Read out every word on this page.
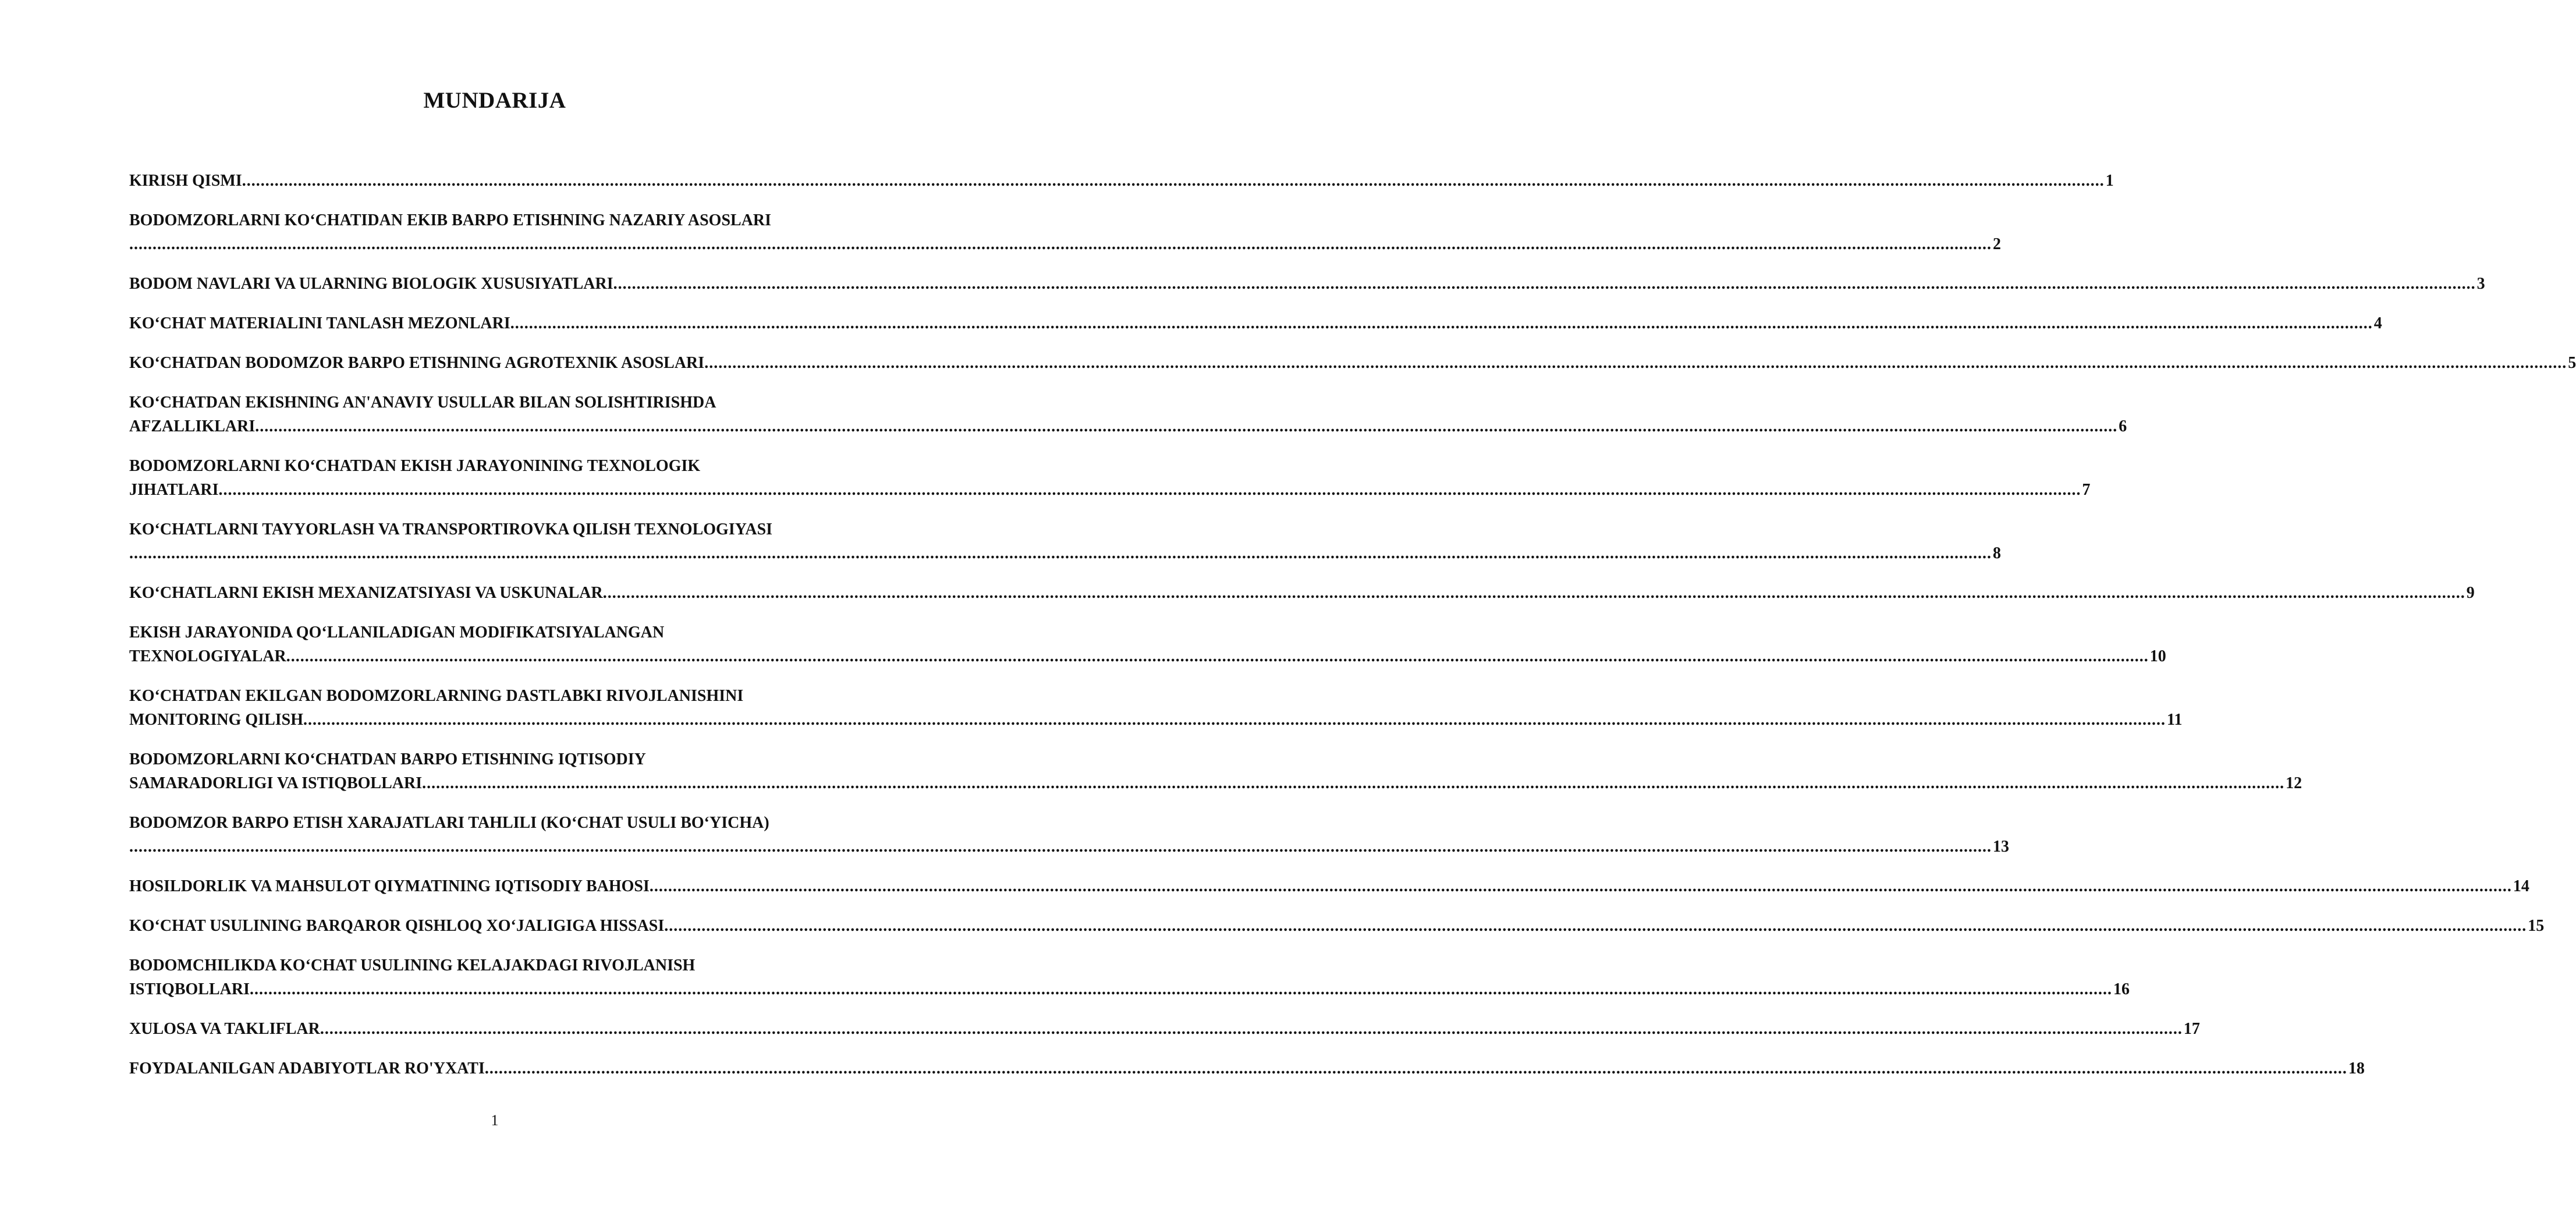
MUNDARIJA
KIRISH QISMI ................................................................................................................................................................................................................................................................................................................................................................................................................ 1
BODOMZORLARNI KO‘CHATIDAN EKIB BARPO ETISHNING NAZARIY ASOSLARI
................................................................................................................................................................................................................................................................................................................................................................................................................ 2
BODOM NAVLARI VA ULARNING BIOLOGIK XUSUSIYATLARI ................................................................................................................................................................................................................................................................................................................................................................................................................ 3
KO‘CHAT MATERIALINI TANLASH MEZONLARI ................................................................................................................................................................................................................................................................................................................................................................................................................ 4
KO‘CHATDAN BODOMZOR BARPO ETISHNING AGROTEXNIK ASOSLARI ................................................................................................................................................................................................................................................................................................................................................................................................................ 5
KO‘CHATDAN EKISHNING AN'ANAVIY USULLAR BILAN SOLISHTIRISHDA
AFZALLIKLARI ................................................................................................................................................................................................................................................................................................................................................................................................................ 6
BODOMZORLARNI KO‘CHATDAN EKISH JARAYONINING TEXNOLOGIK
JIHATLARI ................................................................................................................................................................................................................................................................................................................................................................................................................ 7
KO‘CHATLARNI TAYYORLASH VA TRANSPORTIROVKA QILISH TEXNOLOGIYASI
................................................................................................................................................................................................................................................................................................................................................................................................................ 8
KO‘CHATLARNI EKISH MEXANIZATSIYASI VA USKUNALAR ................................................................................................................................................................................................................................................................................................................................................................................................................ 9
EKISH JARAYONIDA QO‘LLANILADIGAN MODIFIKATSIYALANGAN
TEXNOLOGIYALAR ................................................................................................................................................................................................................................................................................................................................................................................................................ 10
KO‘CHATDAN EKILGAN BODOMZORLARNING DASTLABKI RIVOJLANISHINI
MONITORING QILISH ................................................................................................................................................................................................................................................................................................................................................................................................................ 11
BODOMZORLARNI KO‘CHATDAN BARPO ETISHNING IQTISODIY
SAMARADORLIGI VA ISTIQBOLLARI ................................................................................................................................................................................................................................................................................................................................................................................................................ 12
BODOMZOR BARPO ETISH XARAJATLARI TAHLILI (KO‘CHAT USULI BO‘YICHA)
................................................................................................................................................................................................................................................................................................................................................................................................................ 13
HOSILDORLIK VA MAHSULOT QIYMATINING IQTISODIY BAHOSI ................................................................................................................................................................................................................................................................................................................................................................................................................ 14
KO‘CHAT USULINING BARQAROR QISHLOQ XO‘JALIGIGA HISSASI ................................................................................................................................................................................................................................................................................................................................................................................................................ 15
BODOMCHILIKDA KO‘CHAT USULINING KELAJAKDAGI RIVOJLANISH
ISTIQBOLLARI ................................................................................................................................................................................................................................................................................................................................................................................................................ 16
XULOSA VA TAKLIFLAR ................................................................................................................................................................................................................................................................................................................................................................................................................ 17
FOYDALANILGAN ADABIYOTLAR RO'YXATI ................................................................................................................................................................................................................................................................................................................................................................................................................ 18
1
